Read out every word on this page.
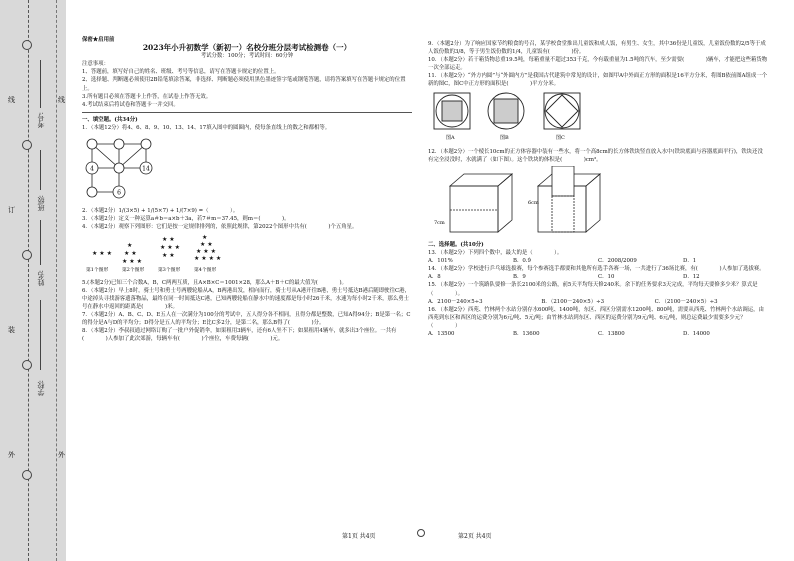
线
订
装
外
学校:
姓名:
班级:
考号:
线
外

保密★启用前

2023年小升初数学（新初一）名校分班分层考试检测卷（一）

考试分数：100分；考试时间：60分钟

注意事项：

1、答题前，填写好自己的姓名、班级、考号等信息，请写在答题卡规定的位置上。

2、选择题、判断题必须使用2B铅笔填涂答案，非选择、判断题必须使用黑色墨迹签字笔或钢笔答题，请将答案填写在答题卡规定的位置上。

3.所有题目必须在答题卡上作答，在试卷上作答无效。

4.考试结束后将试卷和答题卡一并交回。

一、填空题。(共34分)

1．（本题12分）将4、6、8、9、10、13、14、17填入图中的圆圈内，使每条直线上的数之和都相等。

4	14
6

2．（本题2分）1/(3×5) + 1/(5×7) + 1/(7×9) =（　　　　）。

3．（本题2分）定义一种运算a＃b＝a×b＋3a，若7＃m＝37.45，则m＝(　　　　)。

4．（本题2分）观察下列图形：它们是按一定规律排列的，依照此规律，第2022个图形中共有(　　　　)个五角星。

★ ★ ★
★
★ ★
★ ★ ★
★ ★
★ ★ ★
★ ★
★
★ ★
★ ★ ★
★ ★ ★ ★
第1个图形	第2个图形	第3个图形	第4个图形

5.(本题2分)已知三个合数A，B，C两两互质，且A×B×C＝1001×28，那么A＋B＋C的最大值为(　　　　)。

6．（本题2分）早上8时，骑士号和勇士号两艘轮船从A，B两港出发，相向而行，骑士号从A港开往B港，勇士号抵达B港后随即驶往C港，中途掉头寻找游客遗落物品，最终在同一时间抵达C港，已知两艘轮船在静水中的速度都是每小时26千米，水速为每小时2千米，那么勇士号在静水中返回的距离是(　　　　)米。

7．（本题2分）A、B、C、D、E五人在一次满分为100分的考试中，五人得分各不相同，且得分都是整数，已知A得94分；B是第一名；C的得分是A与D的平均分；D得分是五人的平均分；E比C多2分，是第二名，那么B得了(　　　　)分。

8．（本题2分）李叔叔通过网络订购了一批户外促销伞，如果租用3辆车，还有6人坐不下；如果租用4辆车，就多出3个座位。一共有(　　　　)人参加了此次郊游，每辆车有(　　　　)个座位，车费每辆(　　　　)元。

9．（本题2分）为了响应国家节约粮食的号召，某学校食堂推出儿童饭和成人饭，有男生、女生，其中36份是儿童饭，儿童饭份数的2/5等于成人饭份数的3/8，等于男生饭份数的1/4，儿童饭有(　　　　)份。

10．（本题2分）若干箱货物总重19.5吨，每箱重量不超过353千克，今有载重量为1.5吨的汽车，至少需要(　　　　)辆车，才能把这些箱货物一次全部运走。

11．（本题2分）“外方内圆”与“外圆内方”是我国古代建筑中常见的设计，如图甲A中外面正方形的面积是16平方分米，将图B依前图A组成一个新的图C，图C中正方形的面积是(　　　　)平方分米。

图A	图B	图C

12．（本题2分）一个棱长10cm的正方体容器中装有一些水，将一个高8cm的长方体铁块竖直放入水中(铁块底面与容器底面平行)，铁块还没有完全浸没时，水就满了（如下图）。这个铁块的体积是(　　　　)cm³。

6cm
7cm

二、选择题。(共10分)

13．（本题2分）下列四个数中，最大的是（　　　　）。

A．101%	B．0.9̇	C．2008/2009	D．1

14．（本题2分）学校进行乒乓球选拔赛，每个参赛选手都要和其他所有选手各赛一场，一共进行了36场比赛，有(　　　　)人参加了选拔赛。

A．8	B．9	C．10	D．12

15．（本题2分）一个筑路队要修一条长2100米的公路，前5天平均每天修240米。余下的任务要求3天完成，平均每天要修多少米？算式是（　　　　）。

A．2100－240×5÷3	B．（2100－240×5）÷3	C．（2100－240×5）÷3

16．（本题2分）西苑、竹林两个水站分别存水600吨、1400吨，东区、西区分别需水1200吨、800吨，需要从西苑、竹林两个水站调运，由西苑到东区和西区的运费分别为6元/吨、5元/吨；由竹林水站到东区、西区的运费分别为9元/吨、6元/吨，则总运费最少需要多少元？（　　　　）

A．13500	B．13600	C．13800	D．14000
第1页 共4页	第2页 共4页
